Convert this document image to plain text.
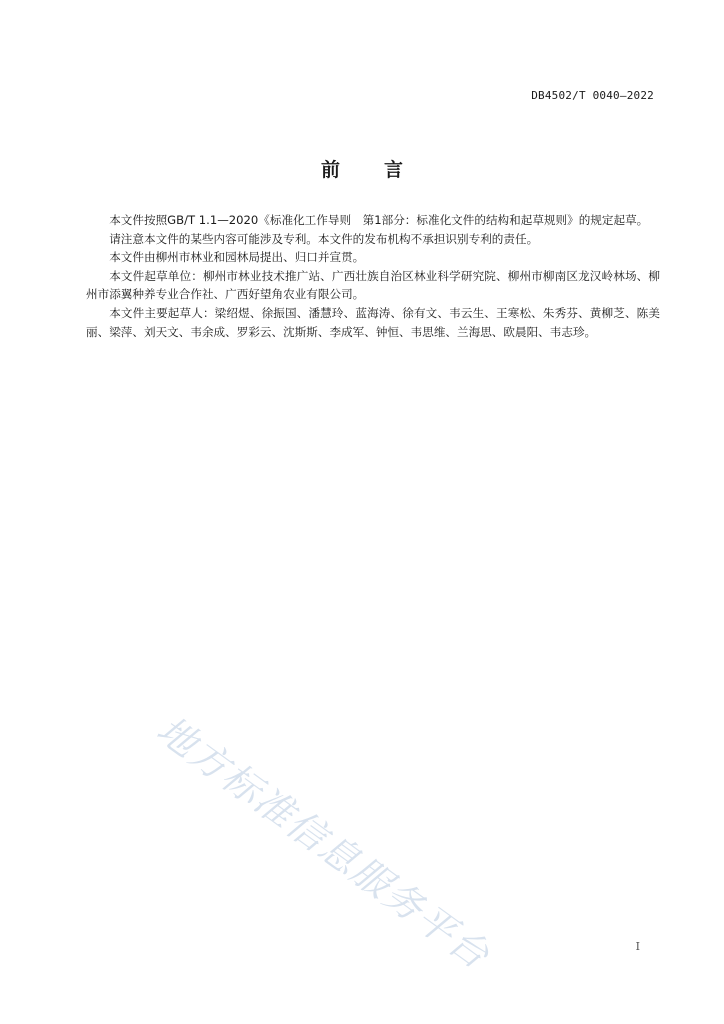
DB4502/T 0040—2022
前言

本文件按照GB/T 1.1—2020《标准化工作导则　第1部分：标准化文件的结构和起草规则》的规定起草。

请注意本文件的某些内容可能涉及专利。本文件的发布机构不承担识别专利的责任。

本文件由柳州市林业和园林局提出、归口并宣贯。

本文件起草单位：柳州市林业技术推广站、广西壮族自治区林业科学研究院、柳州市柳南区龙汉岭林场、柳州市添翼种养专业合作社、广西好望角农业有限公司。

本文件主要起草人：梁绍煜、徐振国、潘慧玲、蓝海涛、徐有文、韦云生、王寒松、朱秀芬、黄柳芝、陈美丽、梁萍、刘天文、韦余成、罗彩云、沈斯斯、李成军、钟恒、韦思维、兰海思、欧晨阳、韦志珍。

地方标准信息服务平台	I
